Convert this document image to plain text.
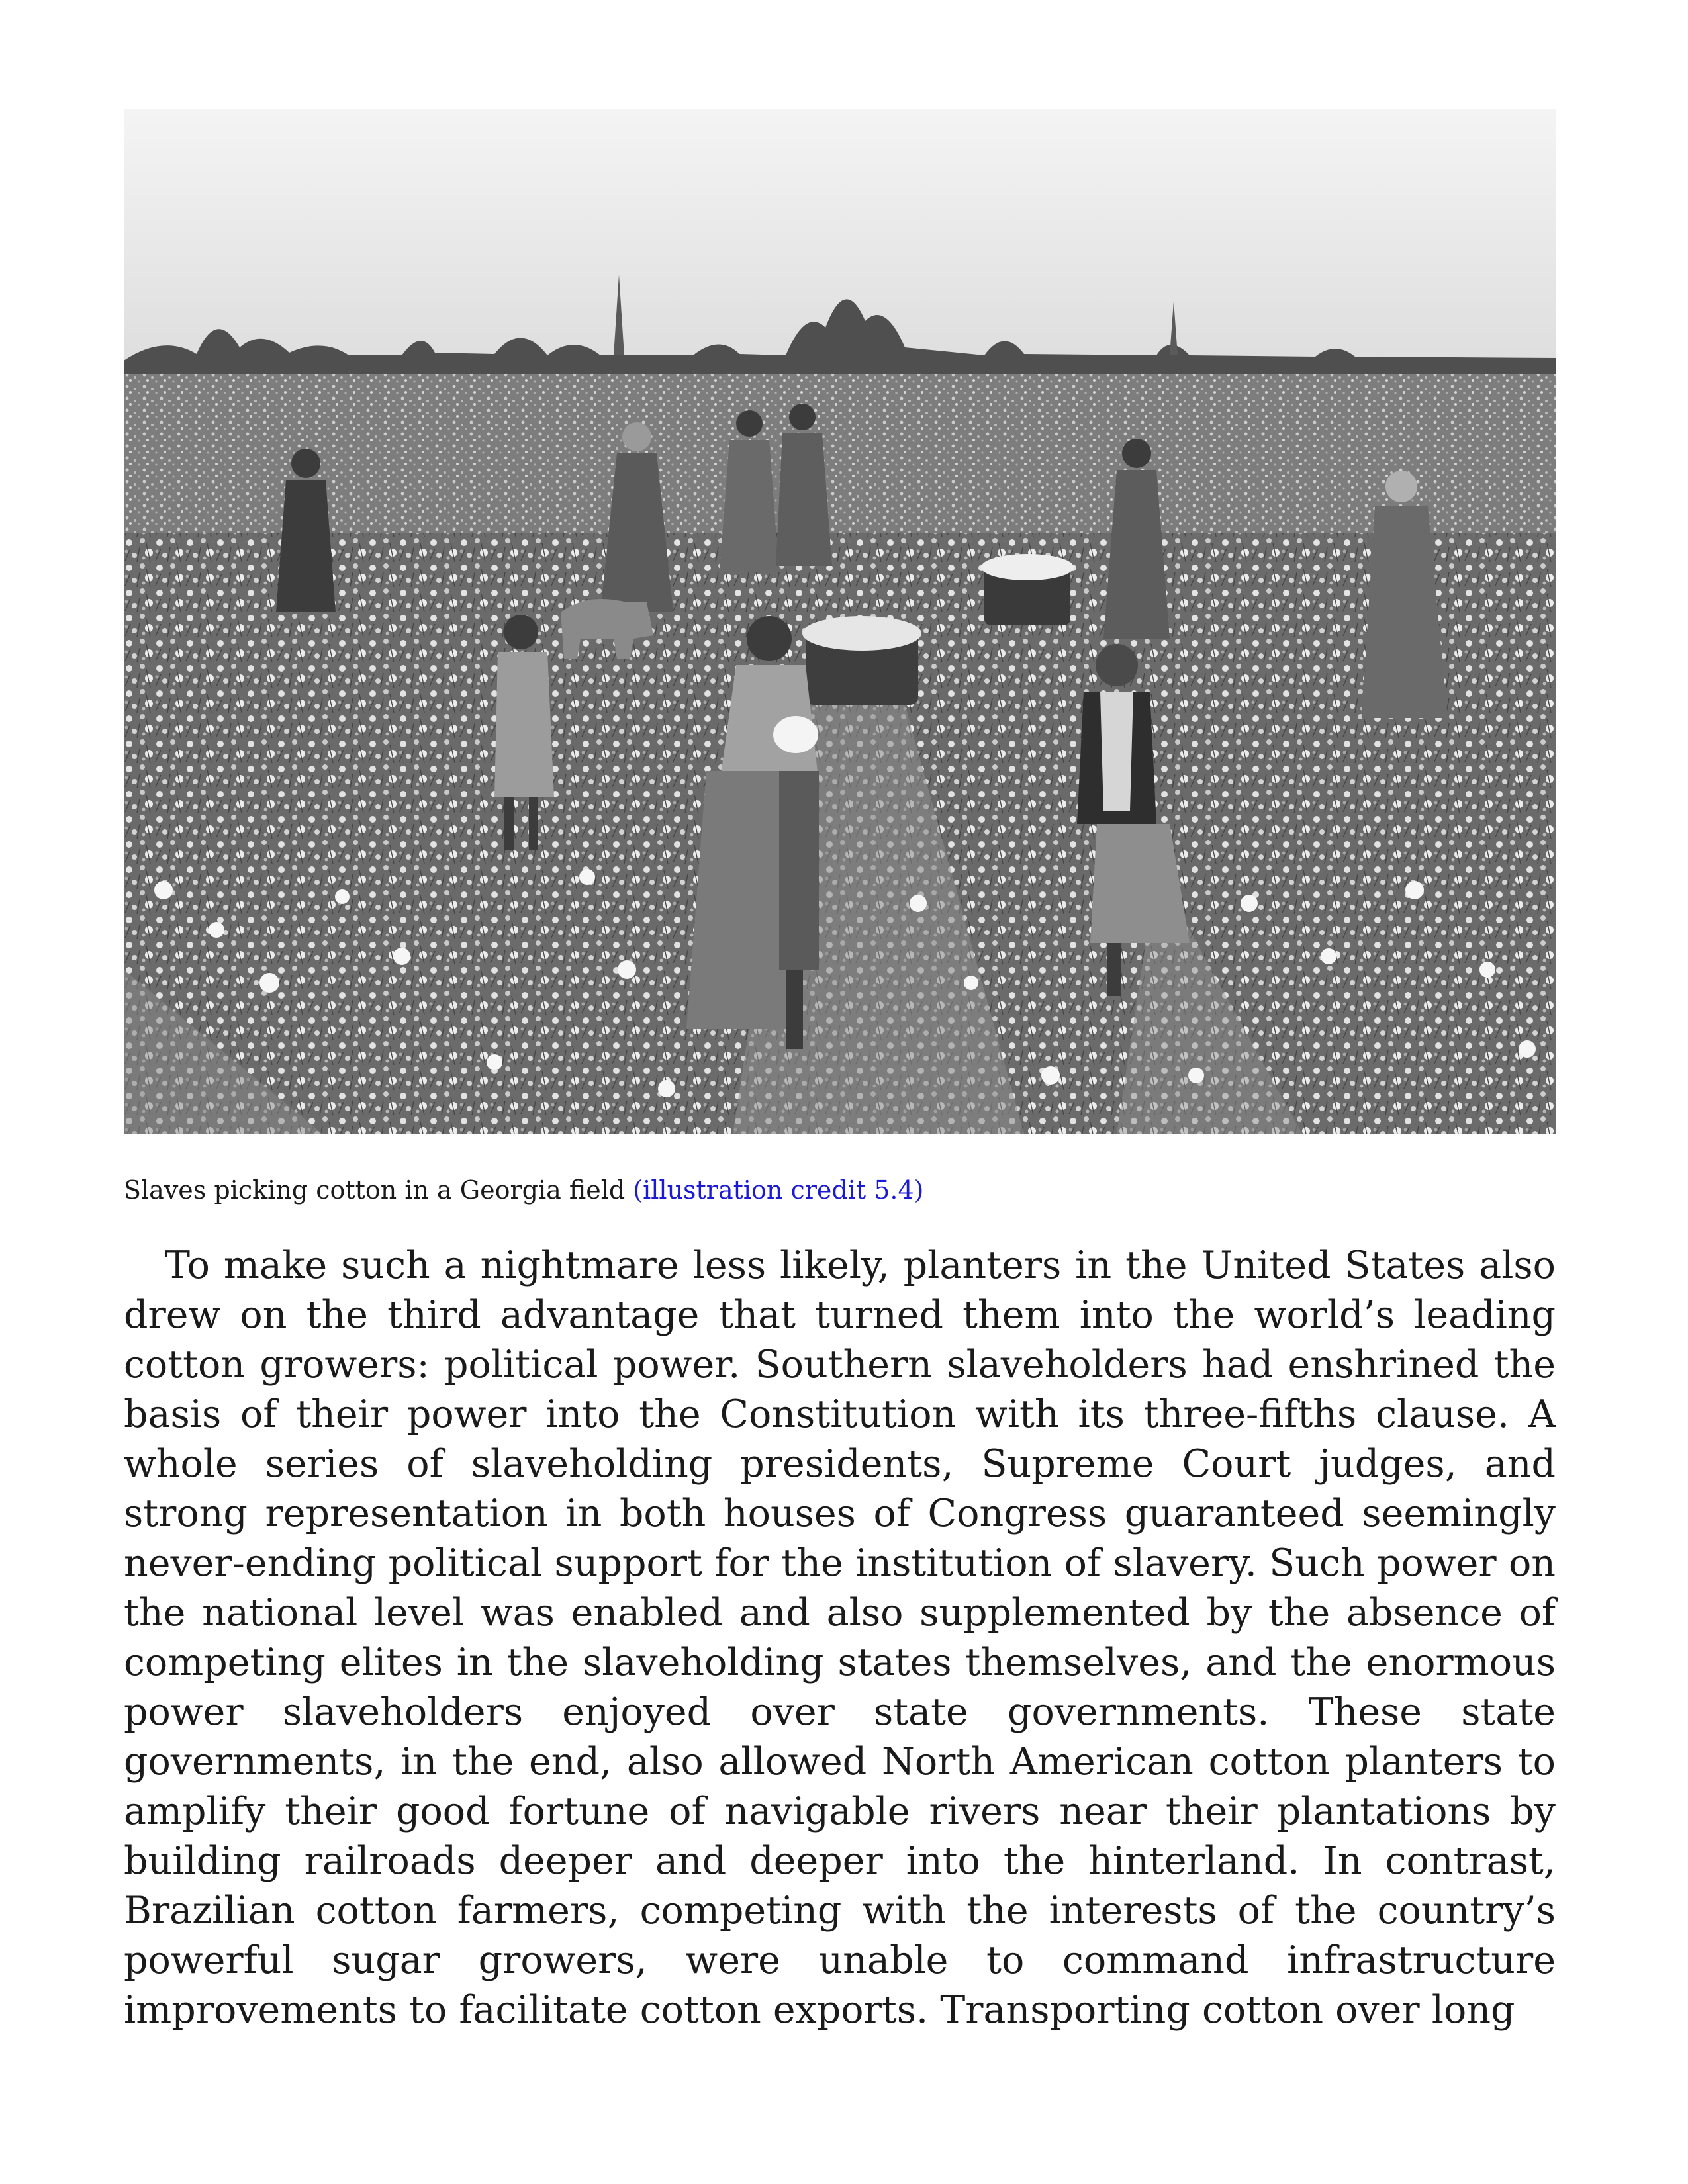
Slaves picking cotton in a Georgia field (illustration credit 5.4)

To make such a nightmare less likely, planters in the United States also drew on the third advantage that turned them into the world’s leading cotton growers: political power. Southern slaveholders had enshrined the basis of their power into the Constitution with its three-fifths clause. A whole series of slaveholding presidents, Supreme Court judges, and strong representation in both houses of Congress guaranteed seemingly never-ending political support for the institution of slavery. Such power on the national level was enabled and also supplemented by the absence of competing elites in the slaveholding states themselves, and the enormous power slaveholders enjoyed over state governments. These state governments, in the end, also allowed North American cotton planters to amplify their good fortune of navigable rivers near their plantations by building railroads deeper and deeper into the hinterland. In contrast, Brazilian cotton farmers, competing with the interests of the country’s powerful sugar growers, were unable to command infrastructure improvements to facilitate cotton exports. Transporting cotton over long
